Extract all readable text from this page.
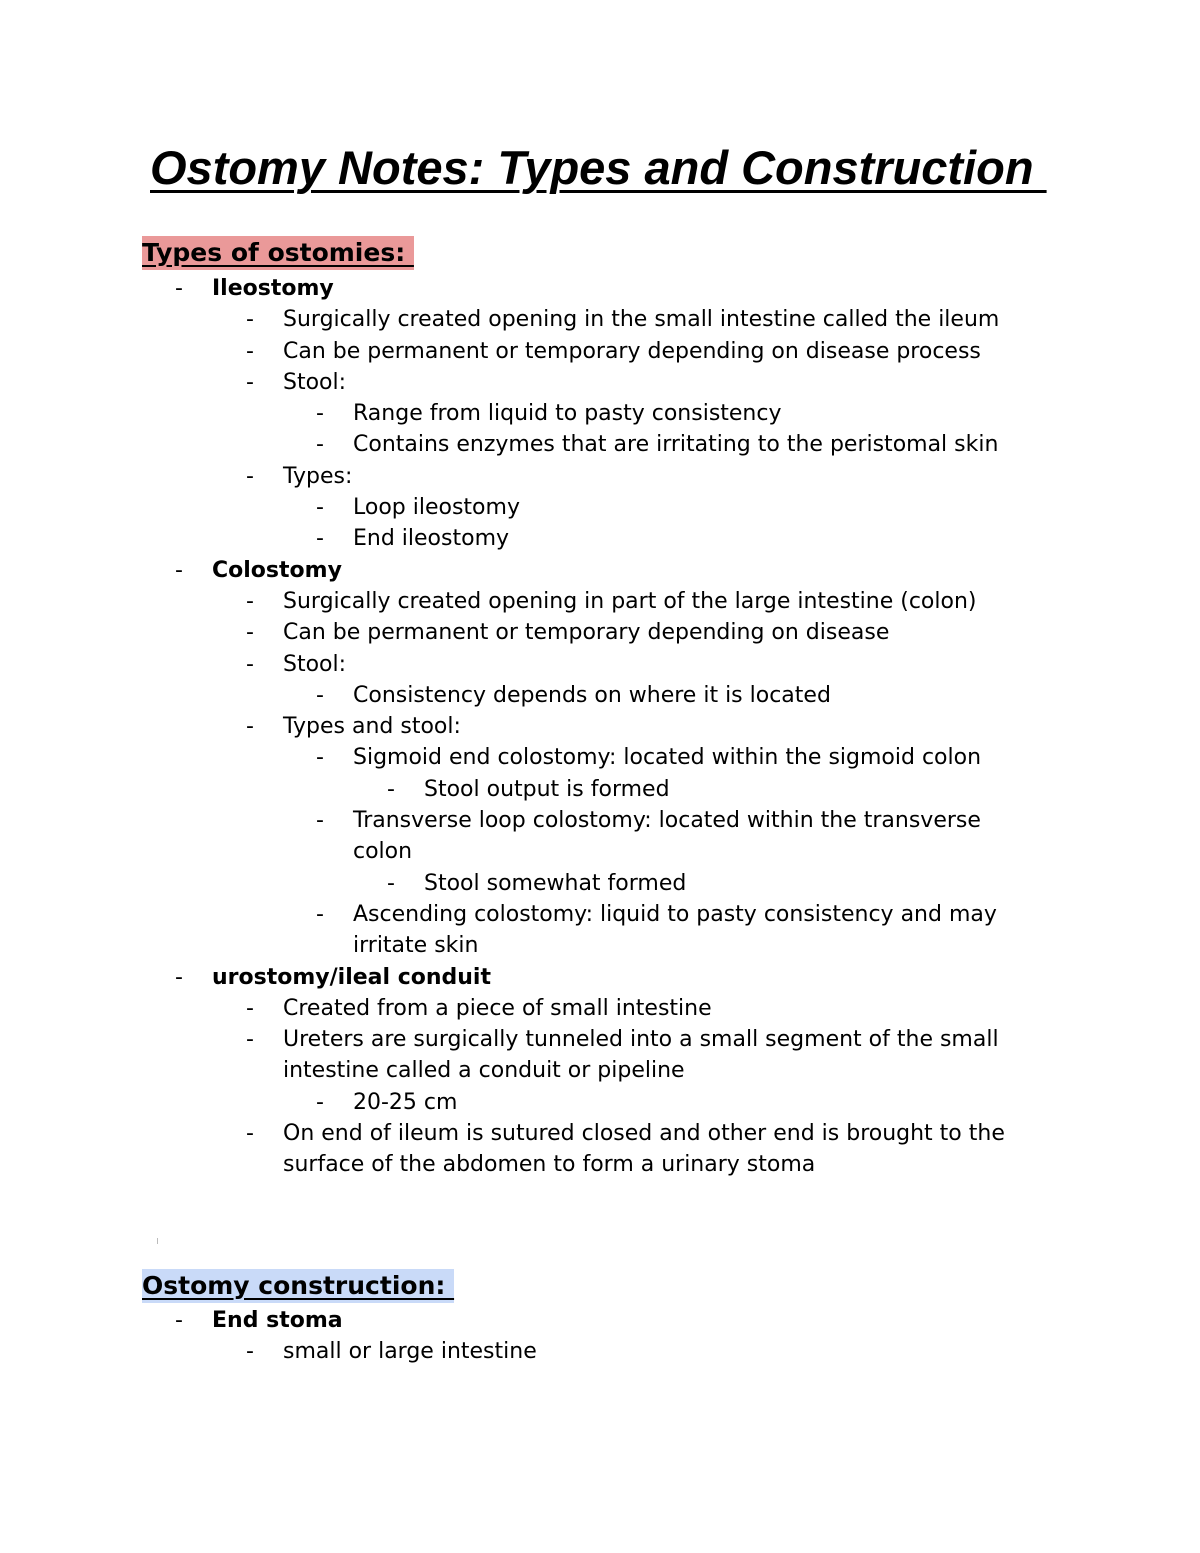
Ostomy Notes: Types and Construction
Types of ostomies:
- Ileostomy
- Surgically created opening in the small intestine called the ileum
- Can be permanent or temporary depending on disease process
- Stool:
- Range from liquid to pasty consistency
- Contains enzymes that are irritating to the peristomal skin
- Types:
- Loop ileostomy
- End ileostomy
- Colostomy
- Surgically created opening in part of the large intestine (colon)
- Can be permanent or temporary depending on disease
- Stool:
- Consistency depends on where it is located
- Types and stool:
- Sigmoid end colostomy: located within the sigmoid colon
- Stool output is formed
- Transverse loop colostomy: located within the transverse
colon
- Stool somewhat formed
- Ascending colostomy: liquid to pasty consistency and may
irritate skin
- urostomy/ileal conduit
- Created from a piece of small intestine
- Ureters are surgically tunneled into a small segment of the small
intestine called a conduit or pipeline
- 20-25 cm
- On end of ileum is sutured closed and other end is brought to the
surface of the abdomen to form a urinary stoma
Ostomy construction:
- End stoma
- small or large intestine
